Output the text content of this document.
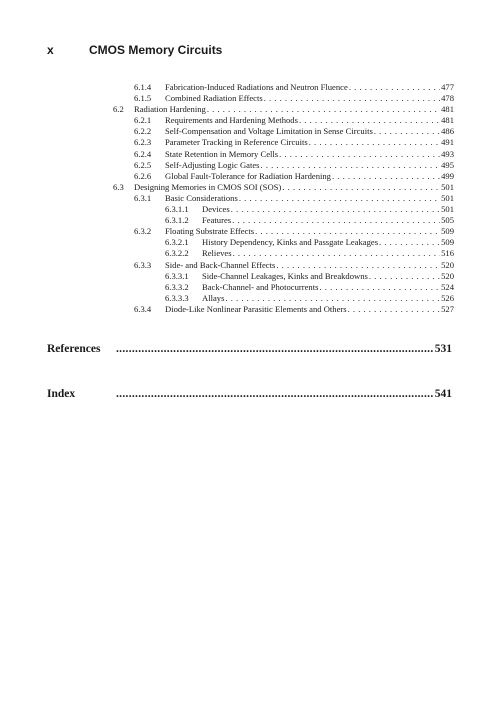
x	CMOS Memory Circuits
6.1.4 Fabrication-Induced Radiations and Neutron Fluence . . .	477
6.1.5 Combined Radiation Effects . . .	478
6.2 Radiation Hardening . . .	481
6.2.1 Requirements and Hardening Methods . . .	481
6.2.2 Self-Compensation and Voltage Limitation in Sense Circuits . . .	486
6.2.3 Parameter Tracking in Reference Circuits . . .	491
6.2.4 State Retention in Memory Cells . . .	493
6.2.5 Self-Adjusting Logic Gates . . .	495
6.2.6 Global Fault-Tolerance for Radiation Hardening . . .	499
6.3 Designing Memories in CMOS SOI (SOS) . . .	501
6.3.1 Basic Considerations . . .	501
6.3.1.1 Devices . . .	501
6.3.1.2 Features . . .	505
6.3.2 Floating Substrate Effects . . .	509
6.3.2.1 History Dependency, Kinks and Passgate Leakages . . .	509
6.3.2.2 Relieves . . .	516
6.3.3 Side- and Back-Channel Effects . . .	520
6.3.3.1 Side-Channel Leakages, Kinks and Breakdowns . . .	520
6.3.3.2 Back-Channel- and Photocurrents . . .	524
6.3.3.3 Allays . . .	526
6.3.4 Diode-Like Nonlinear Parasitic Elements and Others . . .	527
References .....	531
Index .....	541
